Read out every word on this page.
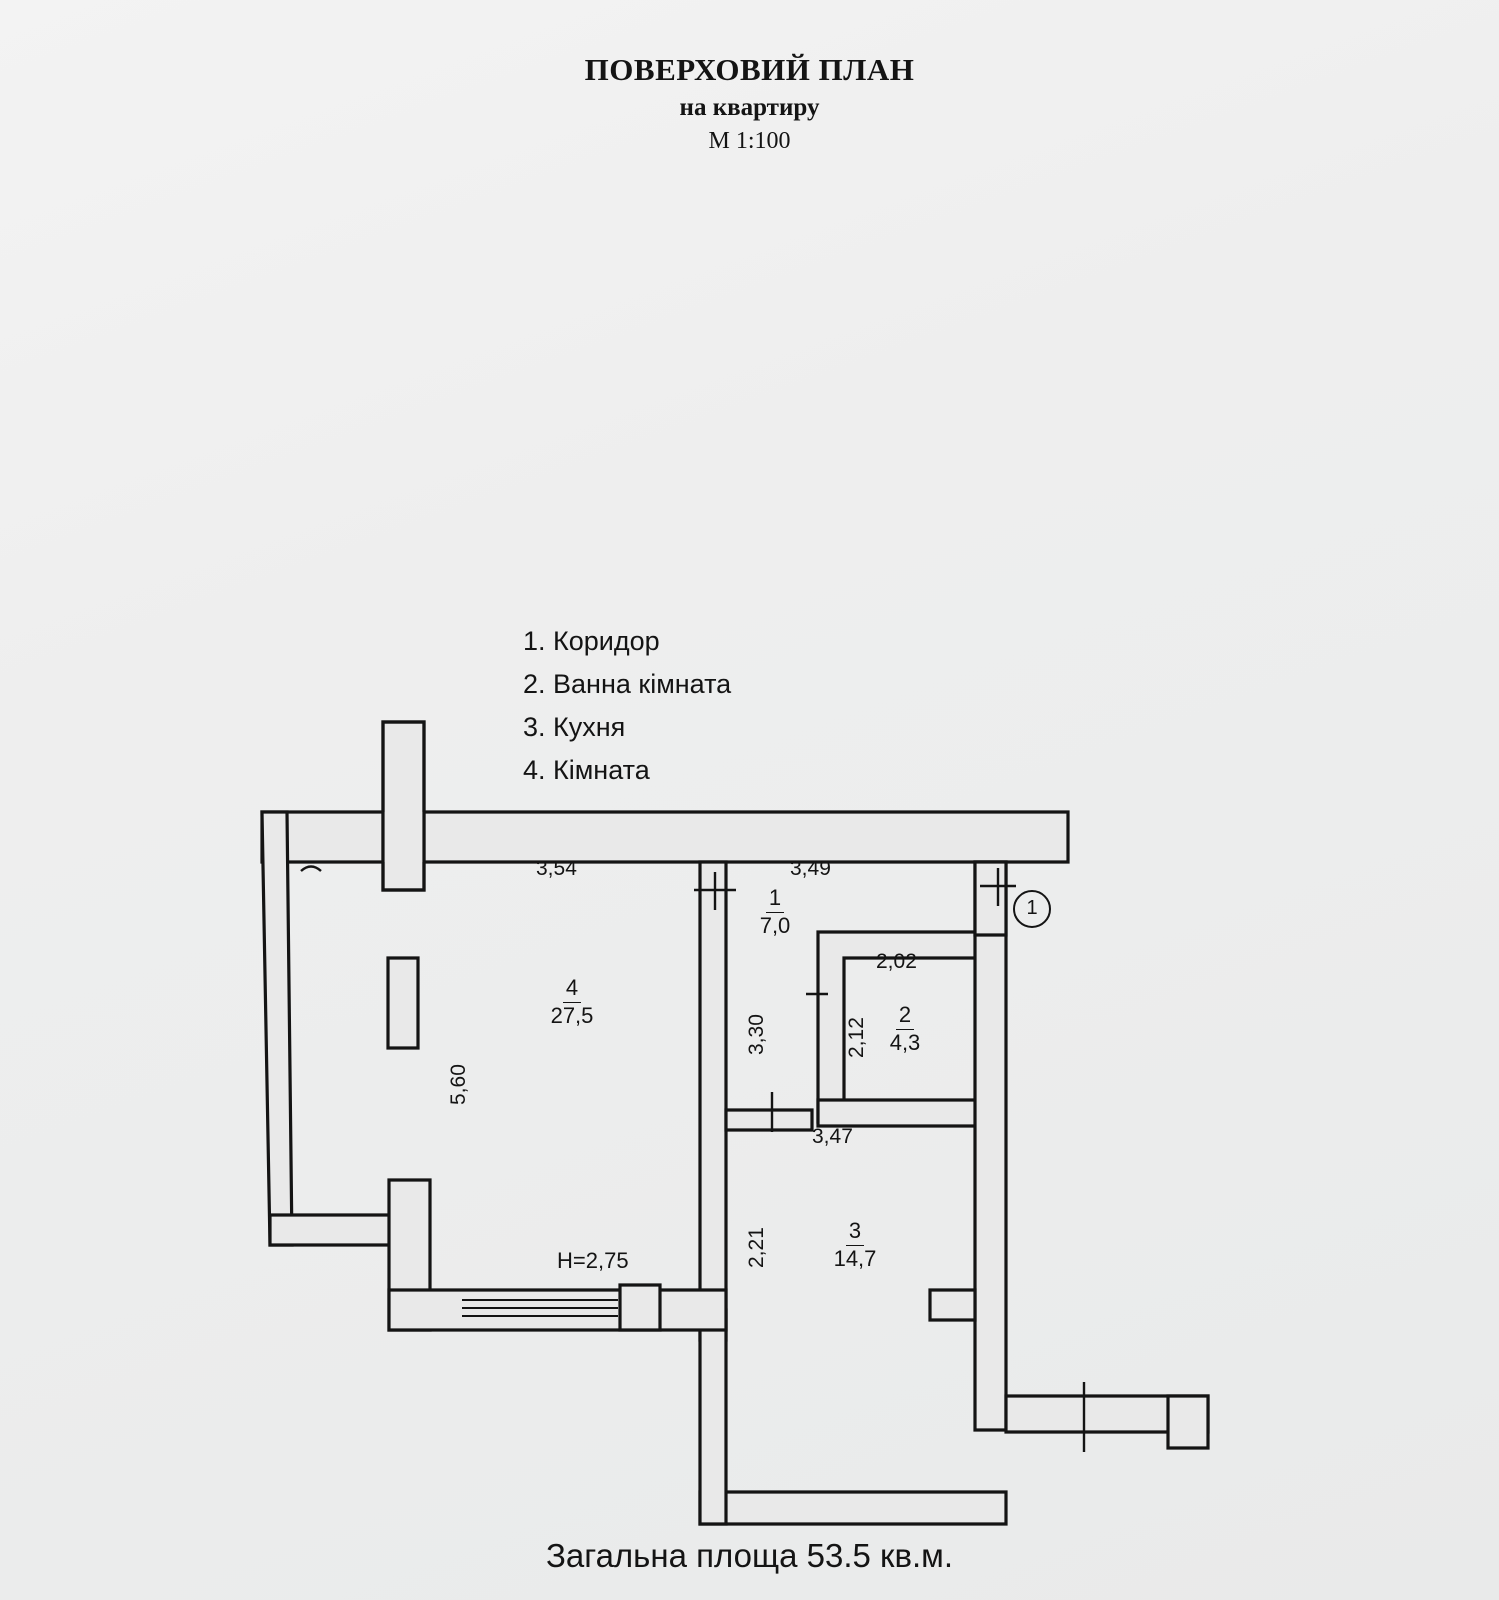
ПОВЕРХОВИЙ ПЛАН
на квартиру
М 1:100
1. Коридор
2. Ванна кімната
3. Кухня
4. Кімната
3,54	3,49
3,30
2,02
2,12
3,47
2,21
5,60
4
27,5
1
7,0
2
4,3
3
14,7
Н=2,75
1
Загальна площа 53.5 кв.м.
